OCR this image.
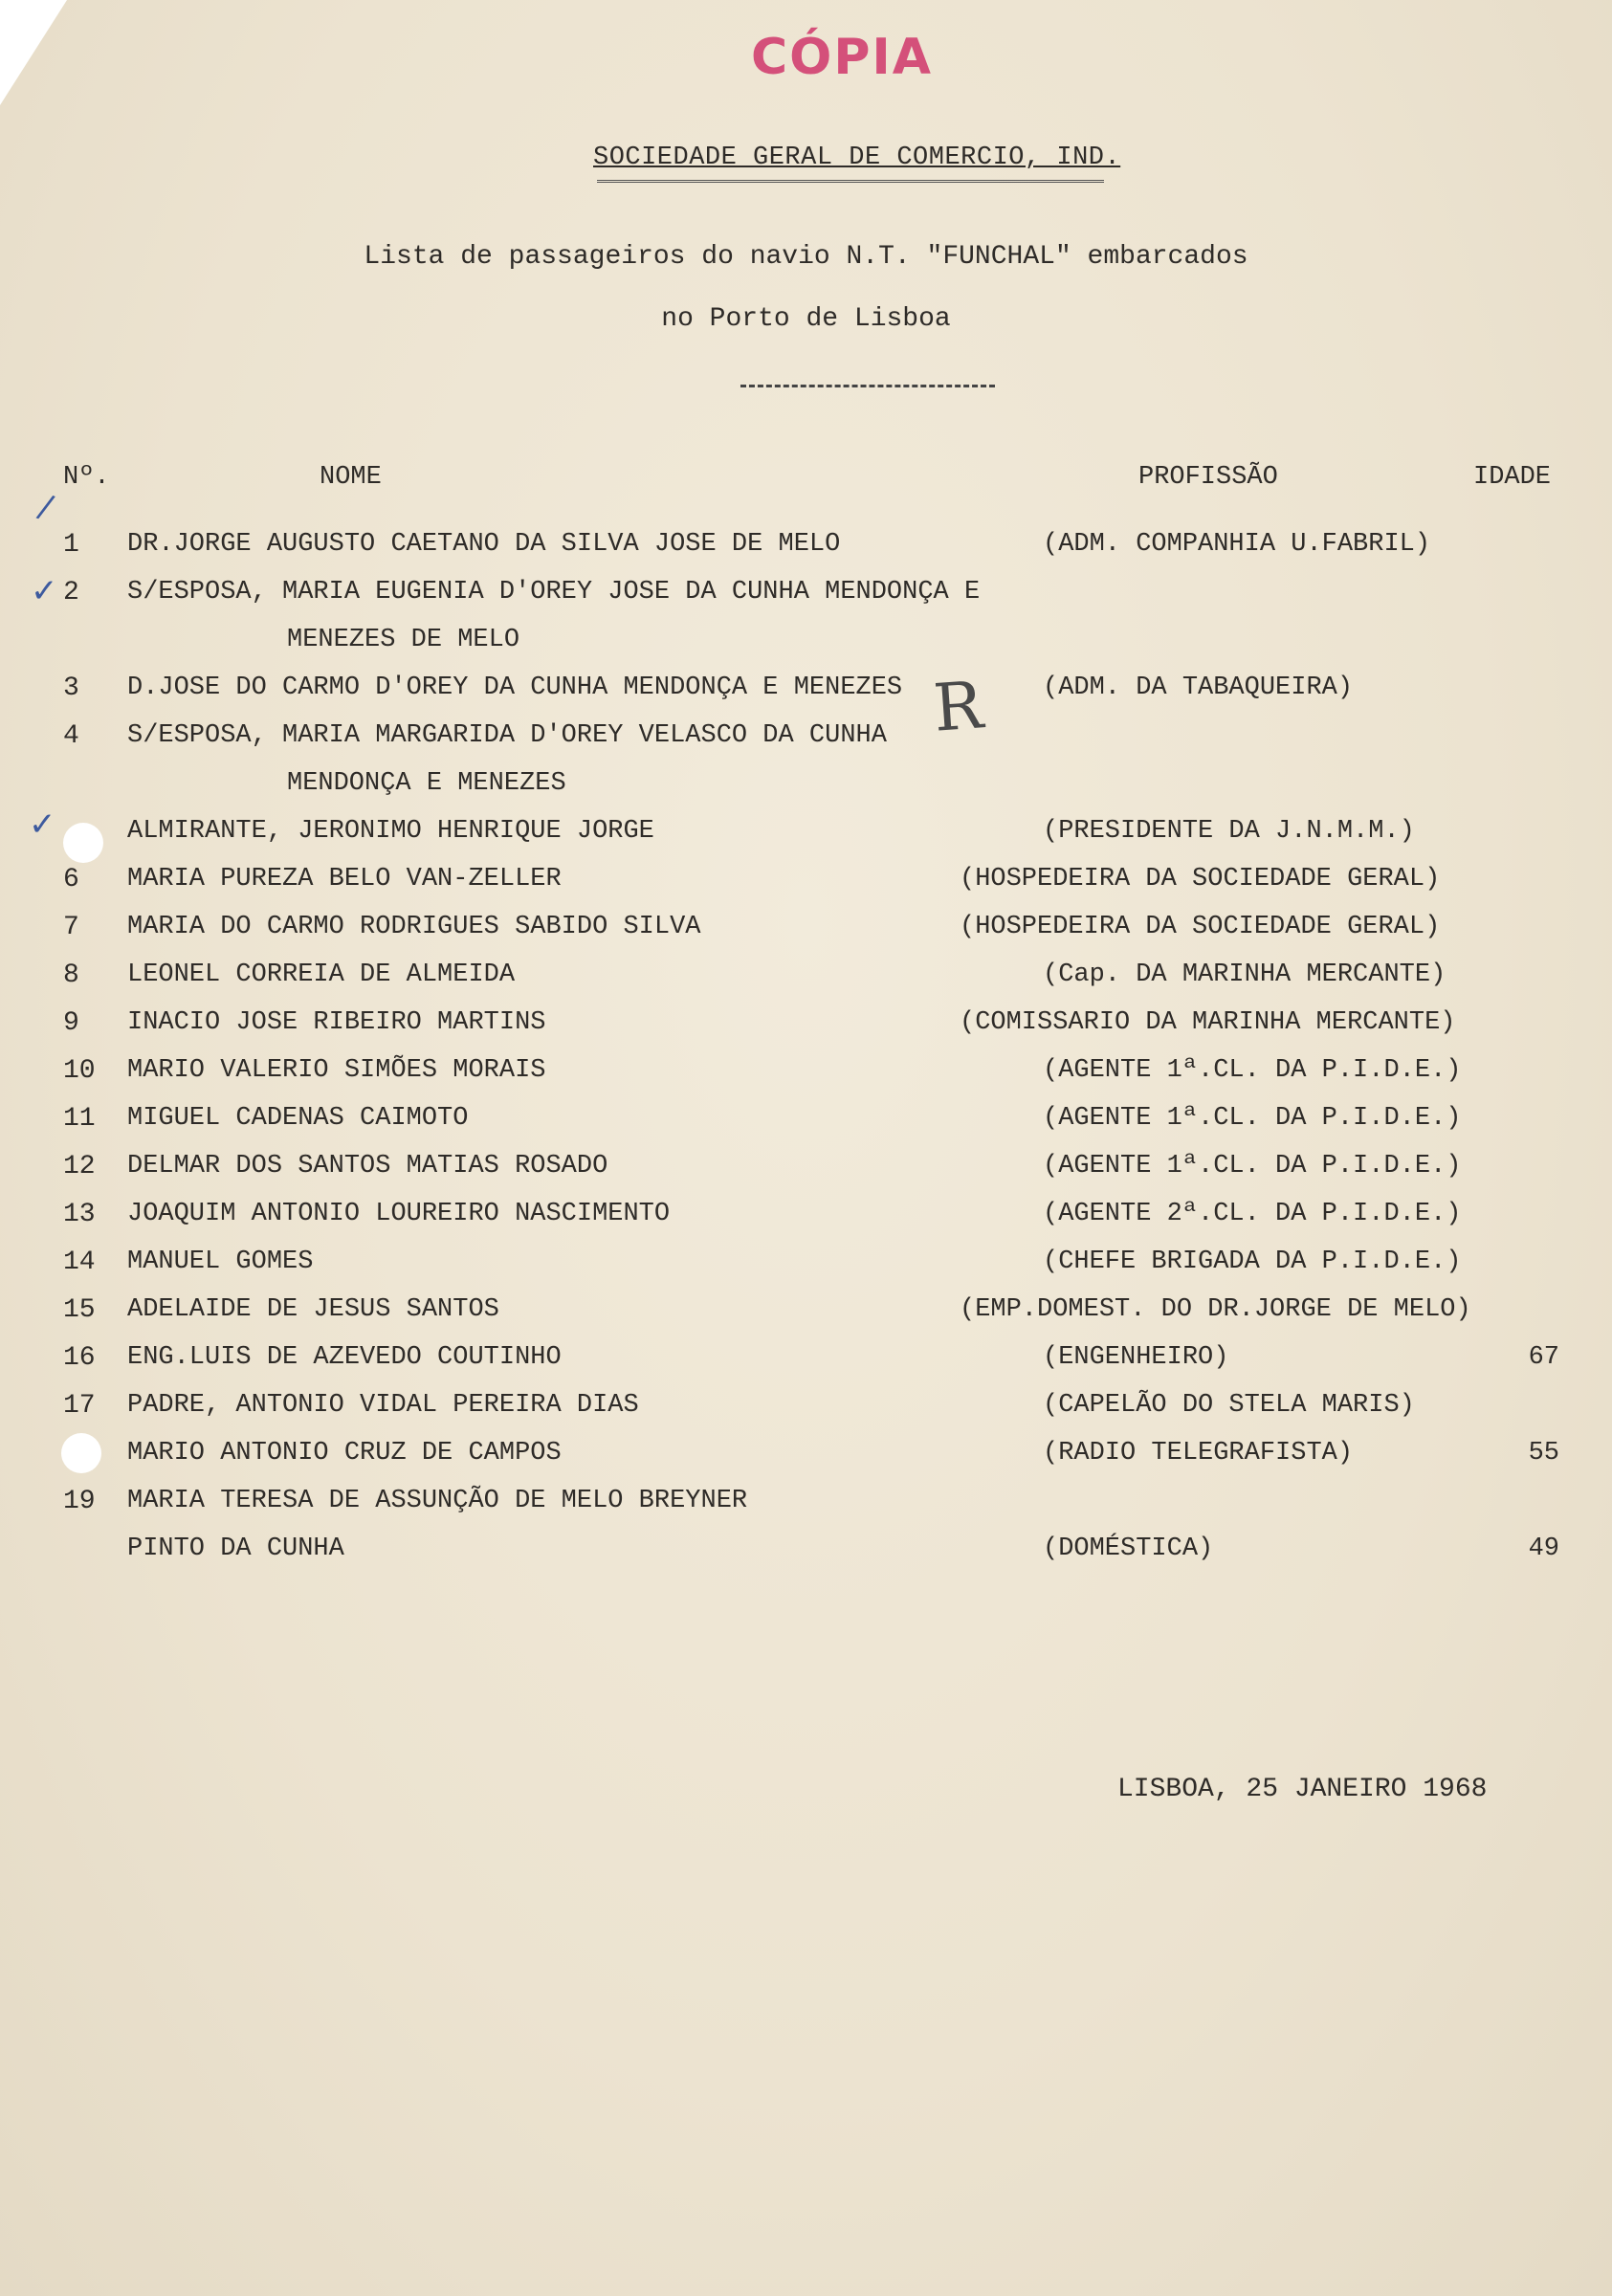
CÓPIA
SOCIEDADE GERAL DE COMERCIO, IND.
Lista de passageiros do navio N.T. "FUNCHAL" embarcados
no Porto de Lisboa
Nº.	NOME	PROFISSÃO	IDADE
1	DR.JORGE AUGUSTO CAETANO DA SILVA JOSE DE MELO	(ADM. COMPANHIA U.FABRIL)
2	S/ESPOSA, MARIA EUGENIA D'OREY JOSE DA CUNHA MENDONÇA E
MENEZES DE MELO
3	D.JOSE DO CARMO D'OREY DA CUNHA MENDONÇA E MENEZES	(ADM. DA TABAQUEIRA)
4	S/ESPOSA, MARIA MARGARIDA D'OREY VELASCO DA CUNHA
MENDONÇA E MENEZES
ALMIRANTE, JERONIMO HENRIQUE JORGE	(PRESIDENTE DA J.N.M.M.)
6	MARIA PUREZA BELO VAN-ZELLER	(HOSPEDEIRA DA SOCIEDADE GERAL)
7	MARIA DO CARMO RODRIGUES SABIDO SILVA	(HOSPEDEIRA DA SOCIEDADE GERAL)
8	LEONEL CORREIA DE ALMEIDA	(Cap. DA MARINHA MERCANTE)
9	INACIO JOSE RIBEIRO MARTINS	(COMISSARIO DA MARINHA MERCANTE)
10	MARIO VALERIO SIMÕES MORAIS	(AGENTE 1ª.CL. DA P.I.D.E.)
11	MIGUEL CADENAS CAIMOTO	(AGENTE 1ª.CL. DA P.I.D.E.)
12	DELMAR DOS SANTOS MATIAS ROSADO	(AGENTE 1ª.CL. DA P.I.D.E.)
13	JOAQUIM ANTONIO LOUREIRO NASCIMENTO	(AGENTE 2ª.CL. DA P.I.D.E.)
14	MANUEL GOMES	(CHEFE BRIGADA DA P.I.D.E.)
15	ADELAIDE DE JESUS SANTOS	(EMP.DOMEST. DO DR.JORGE DE MELO)
16	ENG.LUIS DE AZEVEDO COUTINHO	(ENGENHEIRO)	67
17	PADRE, ANTONIO VIDAL PEREIRA DIAS	(CAPELÃO DO STELA MARIS)
MARIO ANTONIO CRUZ DE CAMPOS	(RADIO TELEGRAFISTA)	55
19	MARIA TERESA DE ASSUNÇÃO DE MELO BREYNER
PINTO DA CUNHA	(DOMÉSTICA)	49
/
✓
✓
R
LISBOA, 25 JANEIRO 1968
